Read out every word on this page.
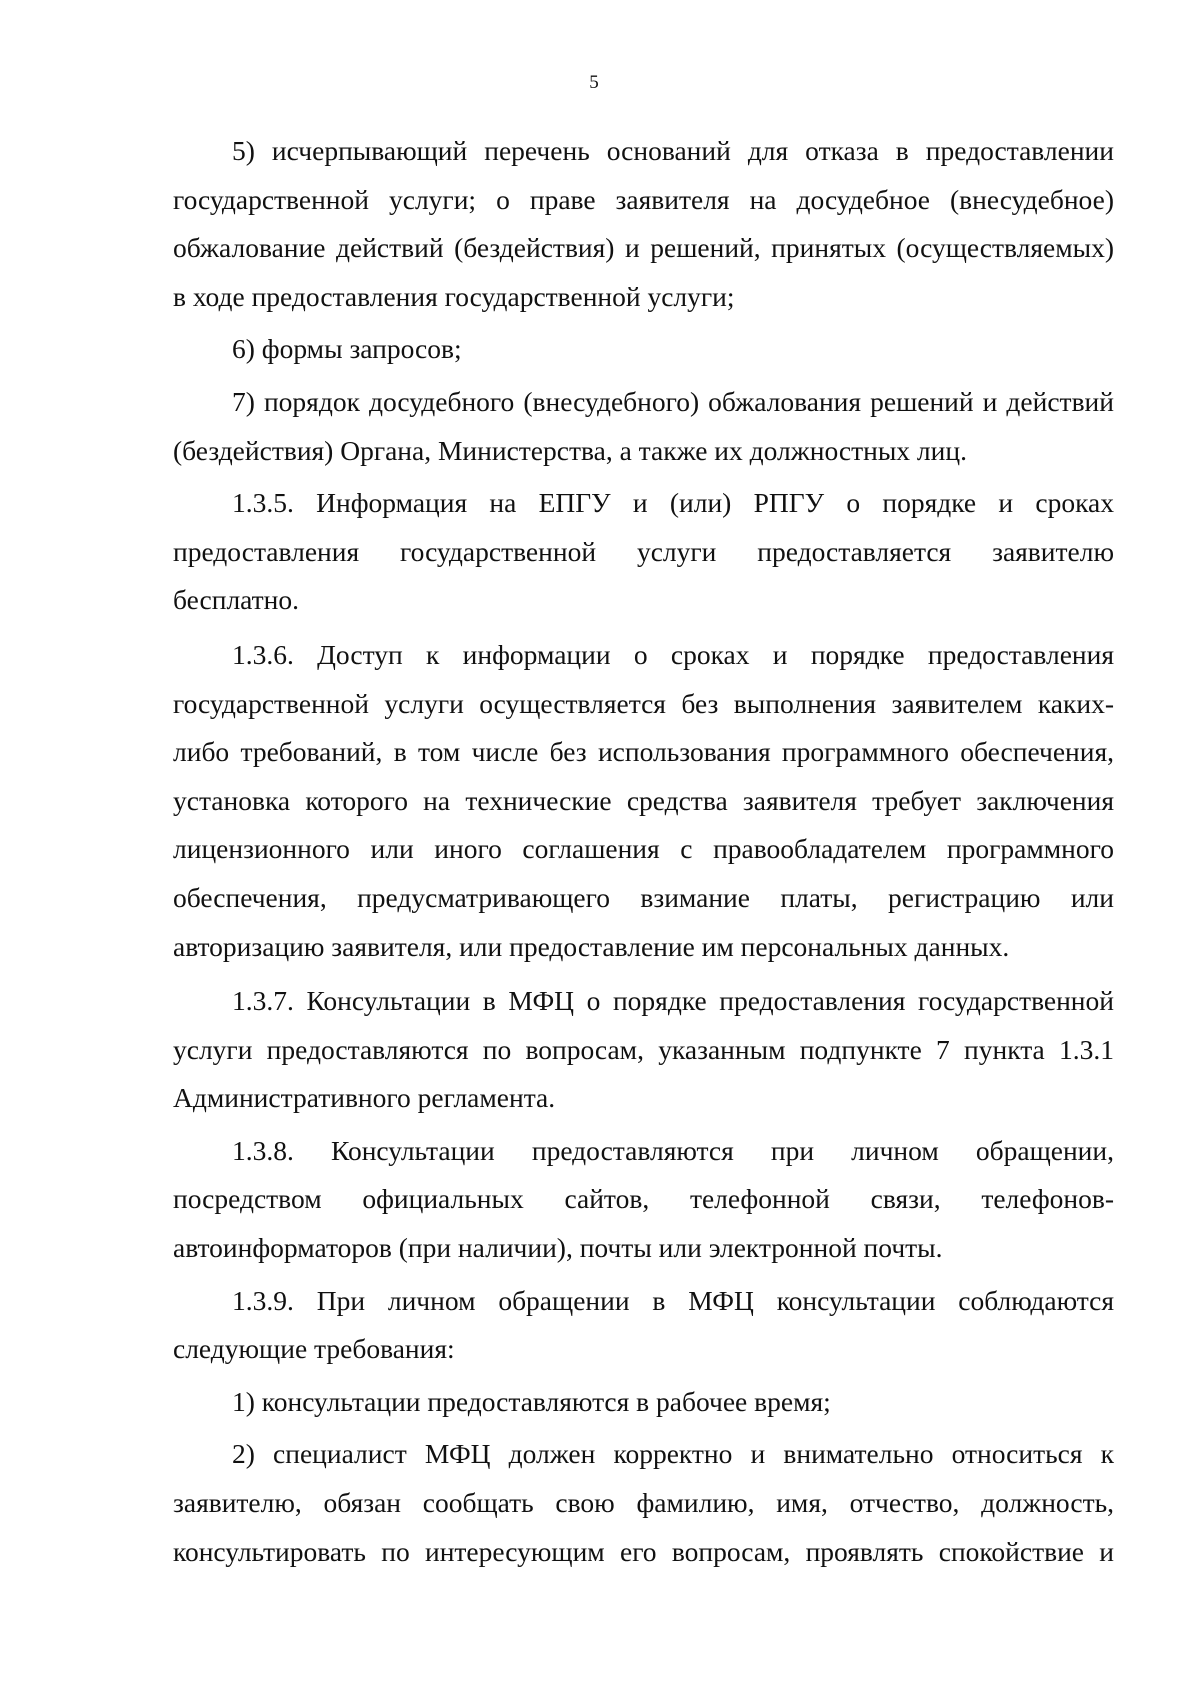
5
5) исчерпывающий перечень оснований для отказа в предоставлении
государственной услуги; о праве заявителя на досудебное (внесудебное)
обжалование действий (бездействия) и решений, принятых (осуществляемых)
в ходе предоставления государственной услуги;
6) формы запросов;
7) порядок досудебного (внесудебного) обжалования решений и действий
(бездействия) Органа, Министерства, а также их должностных лиц.
1.3.5. Информация на ЕПГУ и (или) РПГУ о порядке и сроках
предоставления государственной услуги предоставляется заявителю
бесплатно.
1.3.6. Доступ к информации о сроках и порядке предоставления
государственной услуги осуществляется без выполнения заявителем каких-
либо требований, в том числе без использования программного обеспечения,
установка которого на технические средства заявителя требует заключения
лицензионного или иного соглашения с правообладателем программного
обеспечения, предусматривающего взимание платы, регистрацию или
авторизацию заявителя, или предоставление им персональных данных.
1.3.7. Консультации в МФЦ о порядке предоставления государственной
услуги предоставляются по вопросам, указанным подпункте 7 пункта 1.3.1
Административного регламента.
1.3.8. Консультации предоставляются при личном обращении,
посредством официальных сайтов, телефонной связи, телефонов-
автоинформаторов (при наличии), почты или электронной почты.
1.3.9. При личном обращении в МФЦ консультации соблюдаются
следующие требования:
1) консультации предоставляются в рабочее время;
2) специалист МФЦ должен корректно и внимательно относиться к
заявителю, обязан сообщать свою фамилию, имя, отчество, должность,
консультировать по интересующим его вопросам, проявлять спокойствие и
